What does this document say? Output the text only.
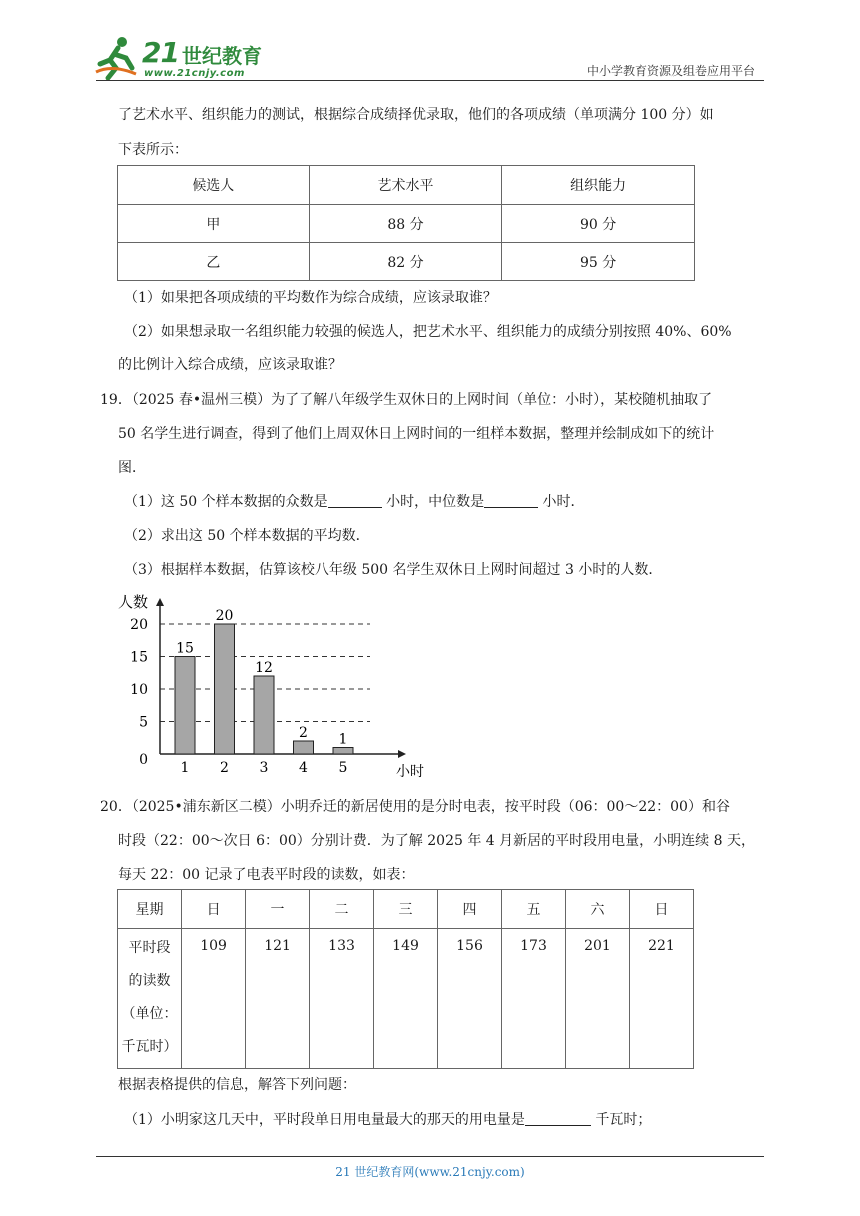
21 世纪教育
www.21cnjy.com	中小学教育资源及组卷应用平台
了艺术水平、组织能力的测试，根据综合成绩择优录取，他们的各项成绩（单项满分 100 分）如
下表所示：
候选人	艺术水平	组织能力
甲	88 分	90 分
乙	82 分	95 分
（1）如果把各项成绩的平均数作为综合成绩，应该录取谁？
（2）如果想录取一名组织能力较强的候选人，把艺术水平、组织能力的成绩分别按照 40%、60%
的比例计入综合成绩，应该录取谁？
19．（2025 春•温州三模）为了了解八年级学生双休日的上网时间（单位：小时），某校随机抽取了
50 名学生进行调查，得到了他们上周双休日上网时间的一组样本数据，整理并绘制成如下的统计
图．
（1）这 50 个样本数据的众数是	小时，中位数是	小时．
（2）求出这 50 个样本数据的平均数．
（3）根据样本数据，估算该校八年级 500 名学生双休日上网时间超过 3 小时的人数．
人数
小时
0
5
10
15
20
15
1
20
2
12
3
2
4
1
5
20．（2025•浦东新区二模）小明乔迁的新居使用的是分时电表，按平时段（06：00～22：00）和谷
时段（22：00～次日 6：00）分别计费．为了解 2025 年 4 月新居的平时段用电量，小明连续 8 天，
每天 22：00 记录了电表平时段的读数，如表：
星期	日	一	二	三	四	五	六	日

平时段
的读数
（单位：
千瓦时）	109	121	133	149	156	173	201	221
根据表格提供的信息，解答下列问题：
（1）小明家这几天中，平时段单日用电量最大的那天的用电量是	千瓦时；
21 世纪教育网(www.21cnjy.com)
